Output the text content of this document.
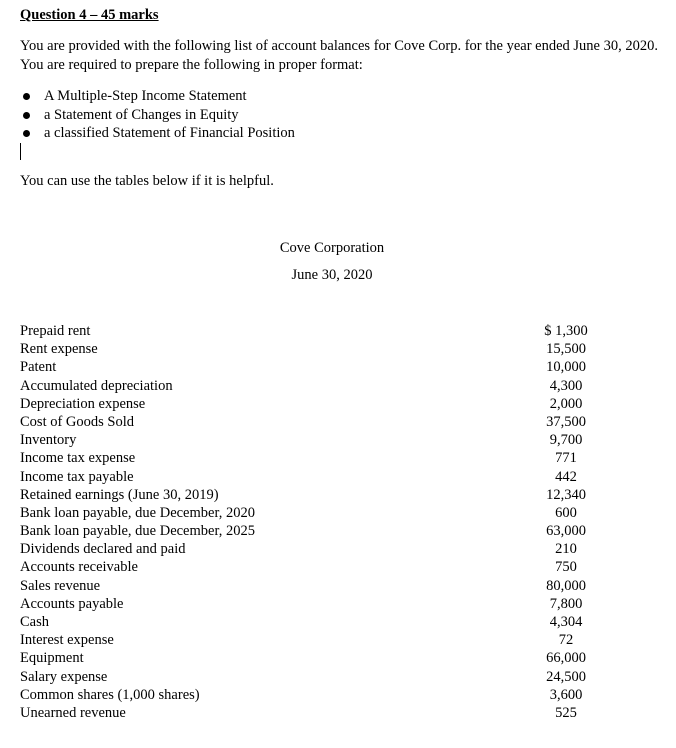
Question 4 – 45 marks

You are provided with the following list of account balances for Cove Corp. for the year ended June 30, 2020. You are required to prepare the following in proper format:

A Multiple-Step Income Statement
a Statement of Changes in Equity
a classified Statement of Financial Position
You can use the tables below if it is helpful.
Cove Corporation
June 30, 2020
Prepaid rent	$ 1,300
Rent expense	15,500
Patent	10,000
Accumulated depreciation	4,300
Depreciation expense	2,000
Cost of Goods Sold	37,500
Inventory	9,700
Income tax expense	771
Income tax payable	442
Retained earnings (June 30, 2019)	12,340
Bank loan payable, due December, 2020	600
Bank loan payable, due December, 2025	63,000
Dividends declared and paid	210
Accounts receivable	750
Sales revenue	80,000
Accounts payable	7,800
Cash	4,304
Interest expense	72
Equipment	66,000
Salary expense	24,500
Common shares (1,000 shares)	3,600
Unearned revenue	525
